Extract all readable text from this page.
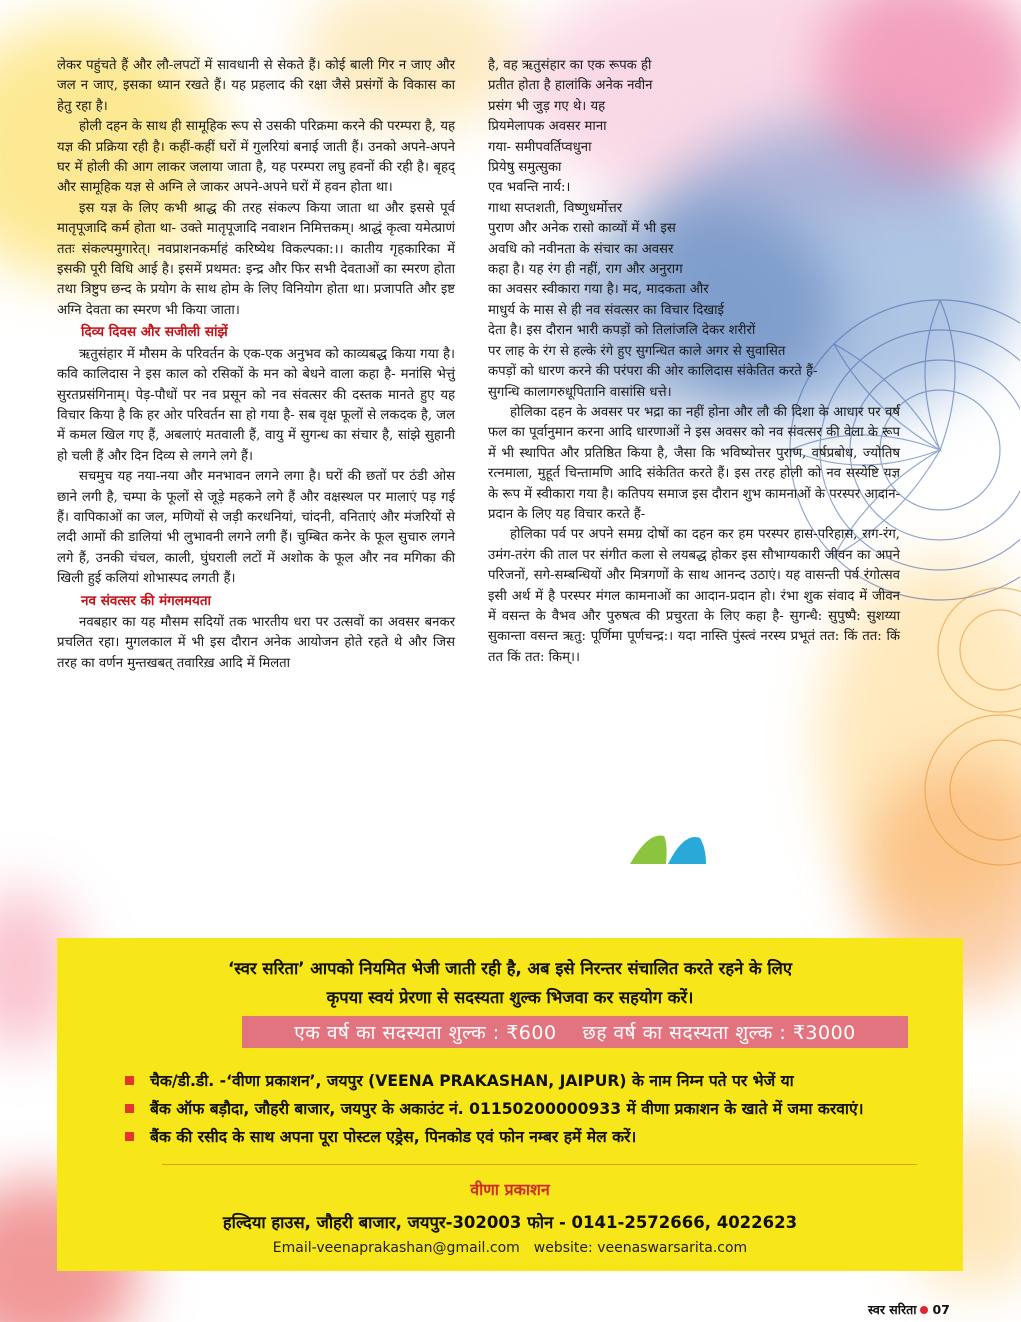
लेकर पहुंचते हैं और लौ-लपटों में सावधानी से सेकते हैं। कोई बाली गिर न जाए और जल न जाए, इसका ध्यान रखते हैं। यह प्रहलाद की रक्षा जैसे प्रसंगों के विकास का हेतु रहा है।

होली दहन के साथ ही सामूहिक रूप से उसकी परिक्रमा करने की परम्परा है, यह यज्ञ की प्रक्रिया रही है। कहीं-कहीं घरों में गुलरियां बनाई जाती हैं। उनको अपने-अपने घर में होली की आग लाकर जलाया जाता है, यह परम्परा लघु हवनों की रही है। बृहद् और सामूहिक यज्ञ से अग्नि ले जाकर अपने-अपने घरों में हवन होता था।

इस यज्ञ के लिए कभी श्राद्ध की तरह संकल्प किया जाता था और इससे पूर्व मातृपूजादि कर्म होता था- उक्ते मातृपूजादि नवाशन निमित्तकम्। श्राद्धं कृत्वा यमेत्प्राणं ततः संकल्पमुगारेत्। नवप्राशनकर्माहं करिष्येथ विकल्पका:।। कातीय गृहकारिका में इसकी पूरी विधि आई है। इसमें प्रथमत: इन्द्र और फिर सभी देवताओं का स्मरण होता तथा त्रिष्टुप छन्द के प्रयोग के साथ होम के लिए विनियोग होता था। प्रजापति और इष्ट अग्नि देवता का स्मरण भी किया जाता।

दिव्य दिवस और सजीली सांझें

ऋतुसंहार में मौसम के परिवर्तन के एक-एक अनुभव को काव्यबद्ध किया गया है। कवि कालिदास ने इस काल को रसिकों के मन को बेधने वाला कहा है- मनांसि भेत्तुं सुरतप्रसंगिनाम्। पेड़-पौधों पर नव प्रसून को नव संवत्सर की दस्तक मानते हुए यह विचार किया है कि हर ओर परिवर्तन सा हो गया है- सब वृक्ष फूलों से लकदक है, जल में कमल खिल गए हैं, अबलाएं मतवाली हैं, वायु में सुगन्ध का संचार है, सांझे सुहानी हो चली हैं और दिन दिव्य से लगने लगे हैं।

सचमुच यह नया-नया और मनभावन लगने लगा है। घरों की छतों पर ठंडी ओस छाने लगी है, चम्पा के फूलों से जूड़े महकने लगे हैं और वक्षस्थल पर मालाएं पड़ गई हैं। वापिकाओं का जल, मणियों से जड़ी करधनियां, चांदनी, वनिताएं और मंजरियों से लदी आमों की डालियां भी लुभावनी लगने लगी हैं। चुम्बित कनेर के फूल सुचारु लगने लगे हैं, उनकी चंचल, काली, घुंघराली लटों में अशोक के फूल और नव मगिका की खिली हुई कलियां शोभास्पद लगती हैं।

नव संवत्सर की मंगलमयता

नवबहार का यह मौसम सदियों तक भारतीय धरा पर उत्सवों का अवसर बनकर प्रचलित रहा। मुगलकाल में भी इस दौरान अनेक आयोजन होते रहते थे और जिस तरह का वर्णन मुन्तखबत् तवारिख़ आदि में मिलता

है, वह ऋतुसंहार का एक रूपक ही
प्रतीत होता है हालांकि अनेक नवीन
प्रसंग भी जुड़ गए थे। यह
प्रियमेलापक अवसर माना
गया- समीपवर्तिप्वधुना
प्रियेषु समुत्सुका
एव भवन्ति नार्य:।
गाथा सप्तशती, विष्णुधर्मोत्तर
पुराण और अनेक रासो काव्यों में भी इस
अवधि को नवीनता के संचार का अवसर
कहा है। यह रंग ही नहीं, राग और अनुराग
का अवसर स्वीकारा गया है। मद, मादकता और
माधुर्य के मास से ही नव संवत्सर का विचार दिखाई
देता है। इस दौरान भारी कपड़ों को तिलांजलि देकर शरीरों
पर लाह के रंग से हल्के रंगे हुए सुगन्धित काले अगर से सुवासित
कपड़ों को धारण करने की परंपरा की ओर कालिदास संकेतित करते हैं-
सुगन्धि कालागरुधूपितानि वासांसि धत्ते।

होलिका दहन के अवसर पर भद्रा का नहीं होना और लौ की दिशा के आधार पर वर्ष फल का पूर्वानुमान करना आदि धारणाओं ने इस अवसर को नव संवत्सर की वेला के रूप में भी स्थापित और प्रतिष्ठित किया है, जैसा कि भविष्योत्तर पुराण, वर्षप्रबोध, ज्योतिष रत्नमाला, मुहूर्त चिन्तामणि आदि संकेतित करते हैं। इस तरह होली को नव सस्येष्टि यज्ञ के रूप में स्वीकारा गया है। कतिपय समाज इस दौरान शुभ कामनाओं के परस्पर आदान-प्रदान के लिए यह विचार करते हैं-

होलिका पर्व पर अपने समग्र दोषों का दहन कर हम परस्पर हास-परिहास, राग-रंग, उमंग-तरंग की ताल पर संगीत कला से लयबद्ध होकर इस सौभाग्यकारी जीवन का अपने परिजनों, सगे-सम्बन्धियों और मित्रगणों के साथ आनन्द उठाएं। यह वासन्ती पर्व रंगोत्सव इसी अर्थ में है परस्पर मंगल कामनाओं का आदान-प्रदान हो। रंभा शुक संवाद में जीवन में वसन्त के वैभव और पुरुषत्व की प्रचुरता के लिए कहा है- सुगन्धै: सुपुष्पै: सुशय्या सुकान्ता वसन्त ऋतु: पूर्णिमा पूर्णचन्द्र:। यदा नास्ति पुंस्त्वं नरस्य प्रभूतं तत: किं तत: किं तत किं तत: किम्।।

‘स्वर सरिता’ आपको नियमित भेजी जाती रही है, अब इसे निरन्तर संचालित करते रहने के लिए
कृपया स्वयं प्रेरणा से सदस्यता शुल्क भिजवा कर सहयोग करें।
एक वर्ष का सदस्यता शुल्क : ₹600 छह वर्ष का सदस्यता शुल्क : ₹3000
चैक/डी.डी. -‘वीणा प्रकाशन’, जयपुर (VEENA PRAKASHAN, JAIPUR) के नाम निम्न पते पर भेजें या
बैंक ऑफ बड़ौदा, जौहरी बाजार, जयपुर के अकाउंट नं. 01150200000933 में वीणा प्रकाशन के खाते में जमा करवाएं।
बैंक की रसीद के साथ अपना पूरा पोस्टल एड्रेस, पिनकोड एवं फोन नम्बर हमें मेल करें।
वीणा प्रकाशन
हल्दिया हाउस, जौहरी बाजार, जयपुर-302003 फोन - 0141-2572666, 4022623
Email-veenaprakashan@gmail.com website: veenaswarsarita.com
स्वर सरिता 07
